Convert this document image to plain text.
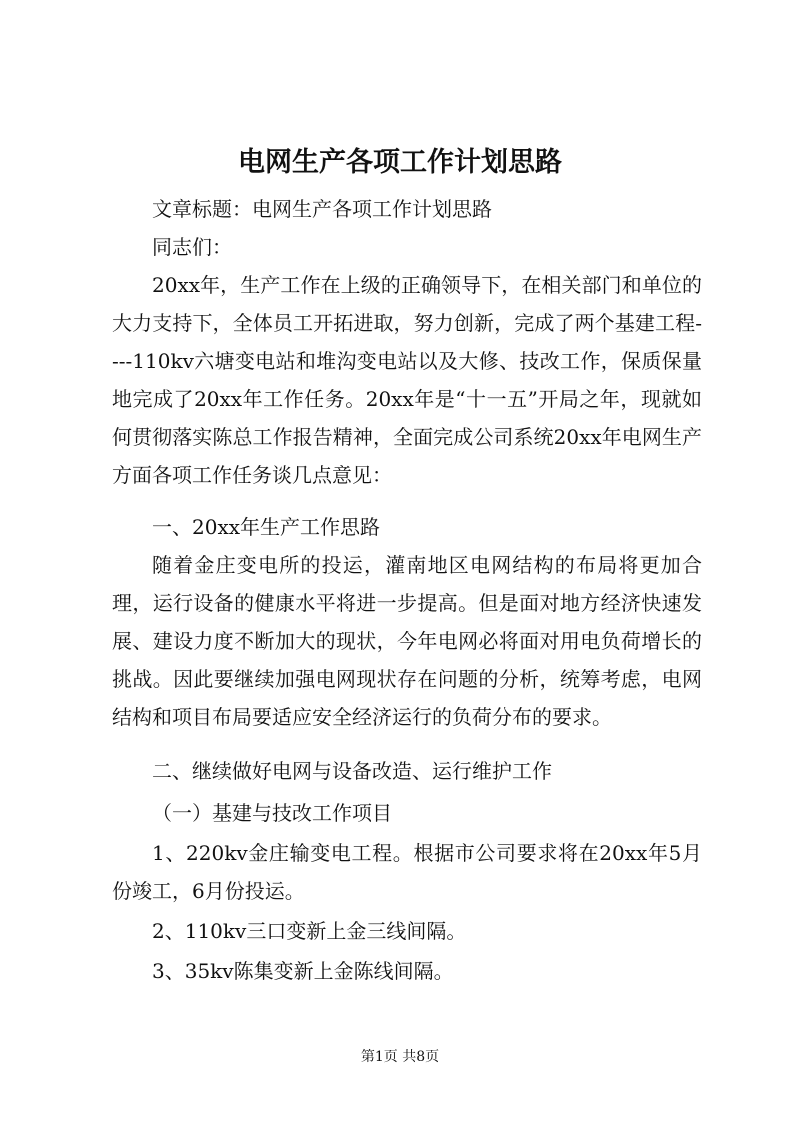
电网生产各项工作计划思路
文章标题：电网生产各项工作计划思路
同志们：
20xx年，生产工作在上级的正确领导下，在相关部门和单位的大力支持下，全体员工开拓进取，努力创新，完成了两个基建工程----110kv六塘变电站和堆沟变电站以及大修、技改工作，保质保量地完成了20xx年工作任务。20xx年是“十一五”开局之年，现就如何贯彻落实陈总工作报告精神，全面完成公司系统20xx年电网生产方面各项工作任务谈几点意见：
一、20xx年生产工作思路
随着金庄变电所的投运，灌南地区电网结构的布局将更加合理，运行设备的健康水平将进一步提高。但是面对地方经济快速发展、建设力度不断加大的现状，今年电网必将面对用电负荷增长的挑战。因此要继续加强电网现状存在问题的分析，统筹考虑，电网结构和项目布局要适应安全经济运行的负荷分布的要求。
二、继续做好电网与设备改造、运行维护工作
（一）基建与技改工作项目
1、220kv金庄输变电工程。根据市公司要求将在20xx年5月份竣工，6月份投运。
2、110kv三口变新上金三线间隔。
3、35kv陈集变新上金陈线间隔。
第1页 共8页
